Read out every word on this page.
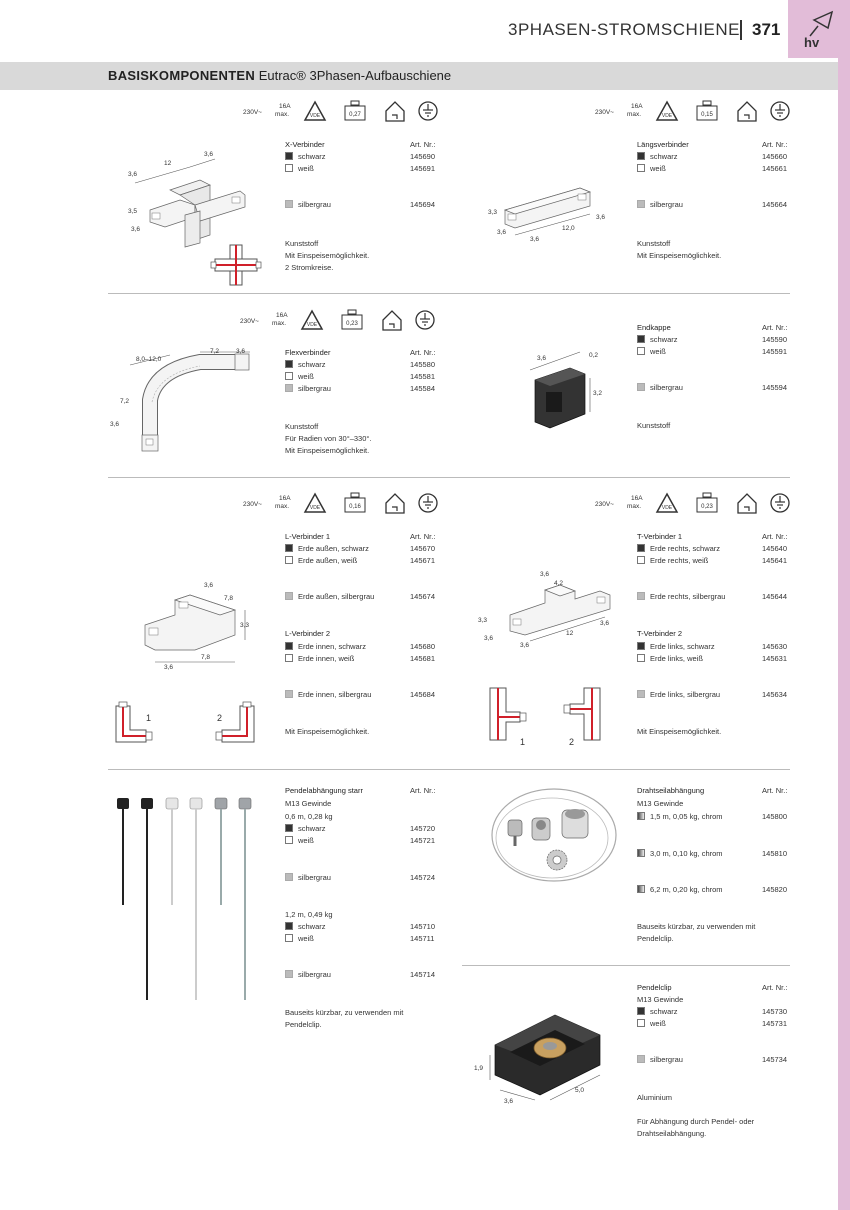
hv
3PHASEN-STROMSCHIENE 371
BASISKOMPONENTEN Eutrac® 3Phasen-Aufbauschiene
230V~
16A
max.	VDE	0,27	230V~
16A
max.	VDE	0,15
230V~
16A
max.	VDE	0,23
230V~
16A
max.	VDE	0,16	230V~
16A
max.	VDE	0,23
X-Verbinder	Art. Nr.:
schwarz	145690
weiß	145691
silbergrau	145694
Kunststoff
Mit Einspeisemöglichkeit.
2 Stromkreise.
3,6
12
3,6
3,5
3,6
Längsverbinder	Art. Nr.:
schwarz	145660
weiß	145661
silbergrau	145664
Kunststoff
Mit Einspeisemöglichkeit.
3,3
3,6
3,6
12,0
3,6
Flexverbinder	Art. Nr.:
schwarz	145580
weiß	145581
silbergrau	145584
Kunststoff
Für Radien von 30°–330°.
Mit Einspeisemöglichkeit.
8,0–12,0
7,2	3,6
7,2
3,6
Endkappe	Art. Nr.:
schwarz	145590
weiß	145591
silbergrau	145594
Kunststoff
3,6	0,2
3,2
L-Verbinder 1	Art. Nr.:
Erde außen, schwarz	145670
Erde außen, weiß	145671
Erde außen, silbergrau	145674
L-Verbinder 2
Erde innen, schwarz	145680
Erde innen, weiß	145681
Erde innen, silbergrau	145684
Mit Einspeisemöglichkeit.
3,6
7,8
3,3
7,8
3,6
1	2
T-Verbinder 1	Art. Nr.:
Erde rechts, schwarz	145640
Erde rechts, weiß	145641
Erde rechts, silbergrau	145644
T-Verbinder 2
Erde links, schwarz	145630
Erde links, weiß	145631
Erde links, silbergrau	145634
Mit Einspeisemöglichkeit.
3,6
4,2
3,3
3,6
3,6
12
3,6
1	2
Pendelabhängung starr	Art. Nr.:
M13 Gewinde
0,6 m, 0,28 kg
schwarz	145720
weiß	145721
silbergrau	145724
1,2 m, 0,49 kg
schwarz	145710
weiß	145711
silbergrau	145714
Bauseits kürzbar, zu verwenden mit
Pendelclip.
Drahtseilabhängung	Art. Nr.:
M13 Gewinde
1,5 m, 0,05 kg, chrom	145800
3,0 m, 0,10 kg, chrom	145810
6,2 m, 0,20 kg, chrom	145820
Bauseits kürzbar, zu verwenden mit
Pendelclip.
Pendelclip	Art. Nr.:
M13 Gewinde
schwarz	145730
weiß	145731
silbergrau	145734
Aluminium
Für Abhängung durch Pendel- oder
Drahtseilabhängung.
1,9
3,6
5,0
